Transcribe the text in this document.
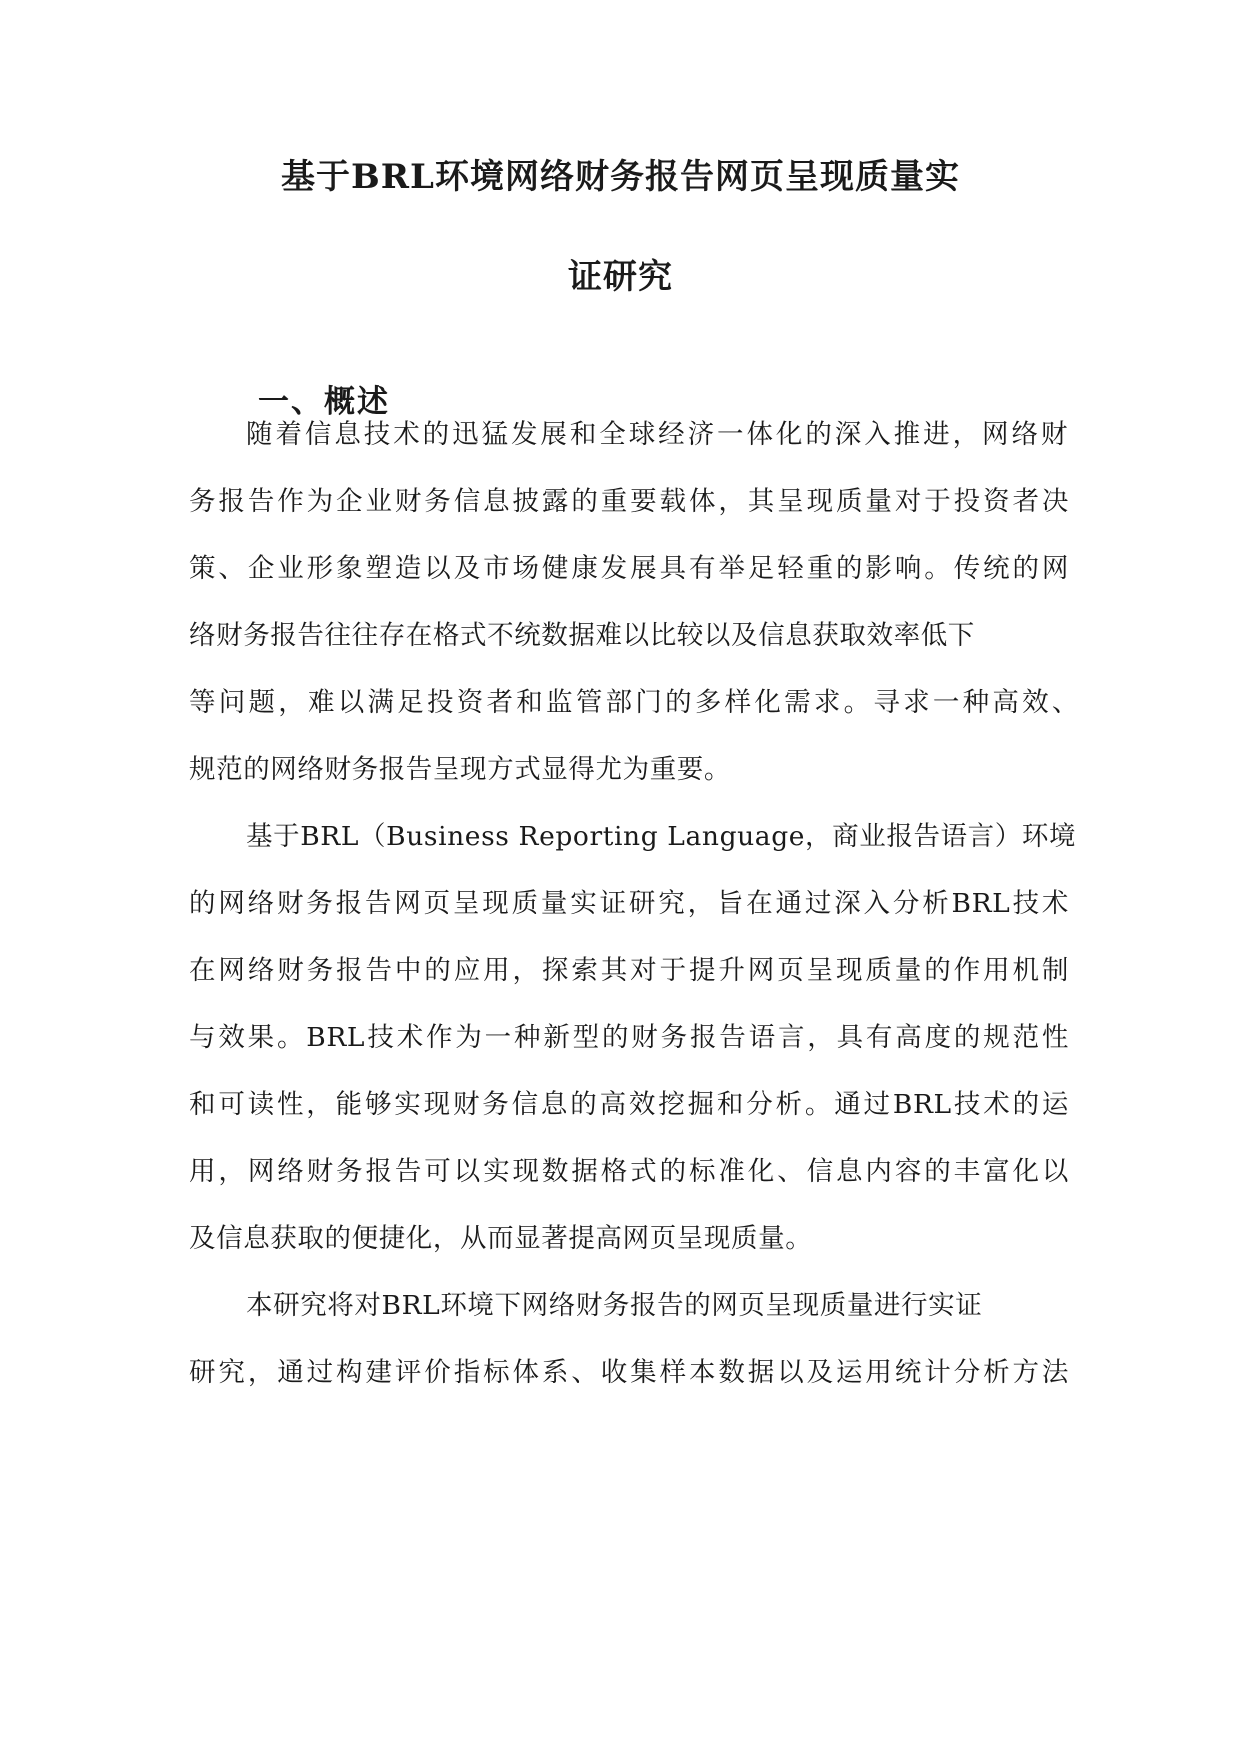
基于BRL环境网络财务报告网页呈现质量实
证研究
一、概述
随着信息技术的迅猛发展和全球经济一体化的深入推进，网络财
务报告作为企业财务信息披露的重要载体，其呈现质量对于投资者决
策、企业形象塑造以及市场健康发展具有举足轻重的影响。传统的网
络财务报告往往存在格式不统数据难以比较以及信息获取效率低下
等问题，难以满足投资者和监管部门的多样化需求。寻求一种高效、
规范的网络财务报告呈现方式显得尤为重要。
基于BRL（Business Reporting Language，商业报告语言）环境
的网络财务报告网页呈现质量实证研究，旨在通过深入分析BRL技术
在网络财务报告中的应用，探索其对于提升网页呈现质量的作用机制
与效果。BRL技术作为一种新型的财务报告语言，具有高度的规范性
和可读性，能够实现财务信息的高效挖掘和分析。通过BRL技术的运
用，网络财务报告可以实现数据格式的标准化、信息内容的丰富化以
及信息获取的便捷化，从而显著提高网页呈现质量。
本研究将对BRL环境下网络财务报告的网页呈现质量进行实证
研究，通过构建评价指标体系、收集样本数据以及运用统计分析方法
